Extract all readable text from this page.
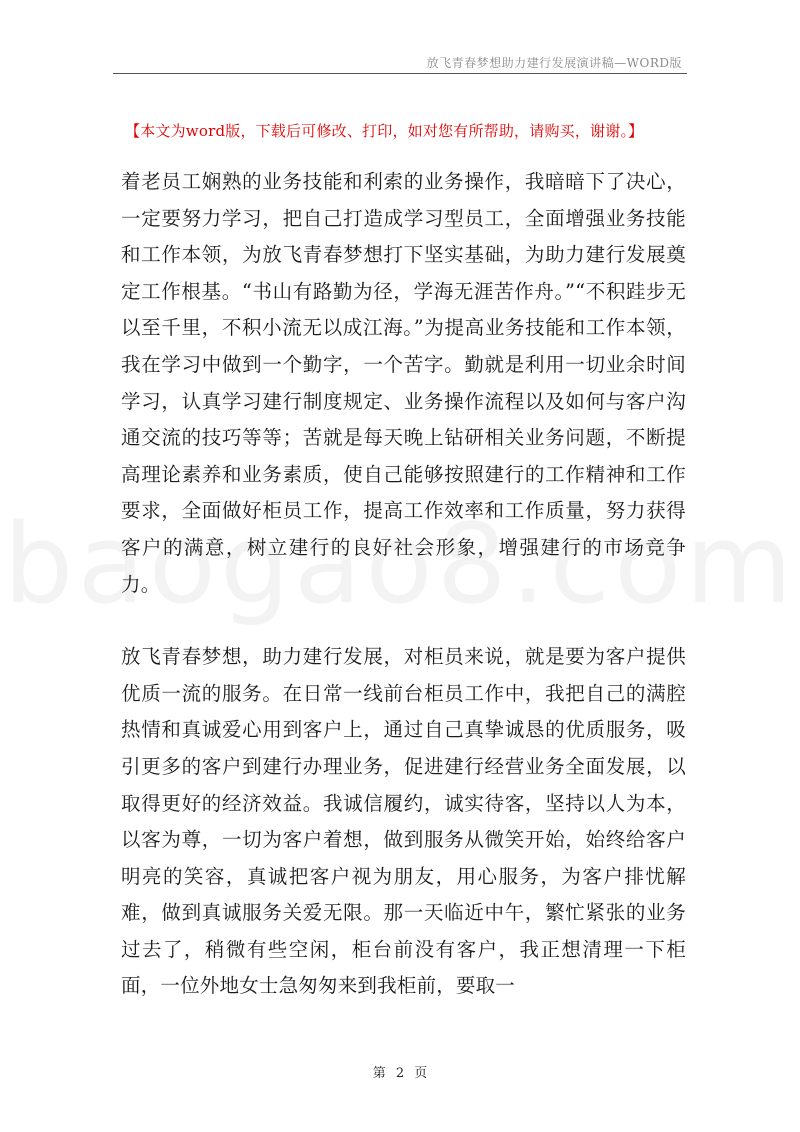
放飞青春梦想助力建行发展演讲稿—WORD版
【本文为word版，下载后可修改、打印，如对您有所帮助，请购买，谢谢。】

着老员工娴熟的业务技能和利索的业务操作，我暗暗下了决心，一定要努力学习，把自己打造成学习型员工，全面增强业务技能和工作本领，为放飞青春梦想打下坚实基础，为助力建行发展奠定工作根基。“书山有路勤为径，学海无涯苦作舟。”“不积跬步无以至千里，不积小流无以成江海。”为提高业务技能和工作本领，我在学习中做到一个勤字，一个苦字。勤就是利用一切业余时间学习，认真学习建行制度规定、业务操作流程以及如何与客户沟通交流的技巧等等；苦就是每天晚上钻研相关业务问题，不断提高理论素养和业务素质，使自己能够按照建行的工作精神和工作要求，全面做好柜员工作，提高工作效率和工作质量，努力获得客户的满意，树立建行的良好社会形象，增强建行的市场竞争力。

放飞青春梦想，助力建行发展，对柜员来说，就是要为客户提供优质一流的服务。在日常一线前台柜员工作中，我把自己的满腔热情和真诚爱心用到客户上，通过自己真挚诚恳的优质服务，吸引更多的客户到建行办理业务，促进建行经营业务全面发展，以取得更好的经济效益。我诚信履约，诚实待客，坚持以人为本，以客为尊，一切为客户着想，做到服务从微笑开始，始终给客户明亮的笑容，真诚把客户视为朋友，用心服务，为客户排忧解难，做到真诚服务关爱无限。那一天临近中午，繁忙紧张的业务过去了，稍微有些空闲，柜台前没有客户，我正想清理一下柜面，一位外地女士急匆匆来到我柜前，要取一

第 2 页
